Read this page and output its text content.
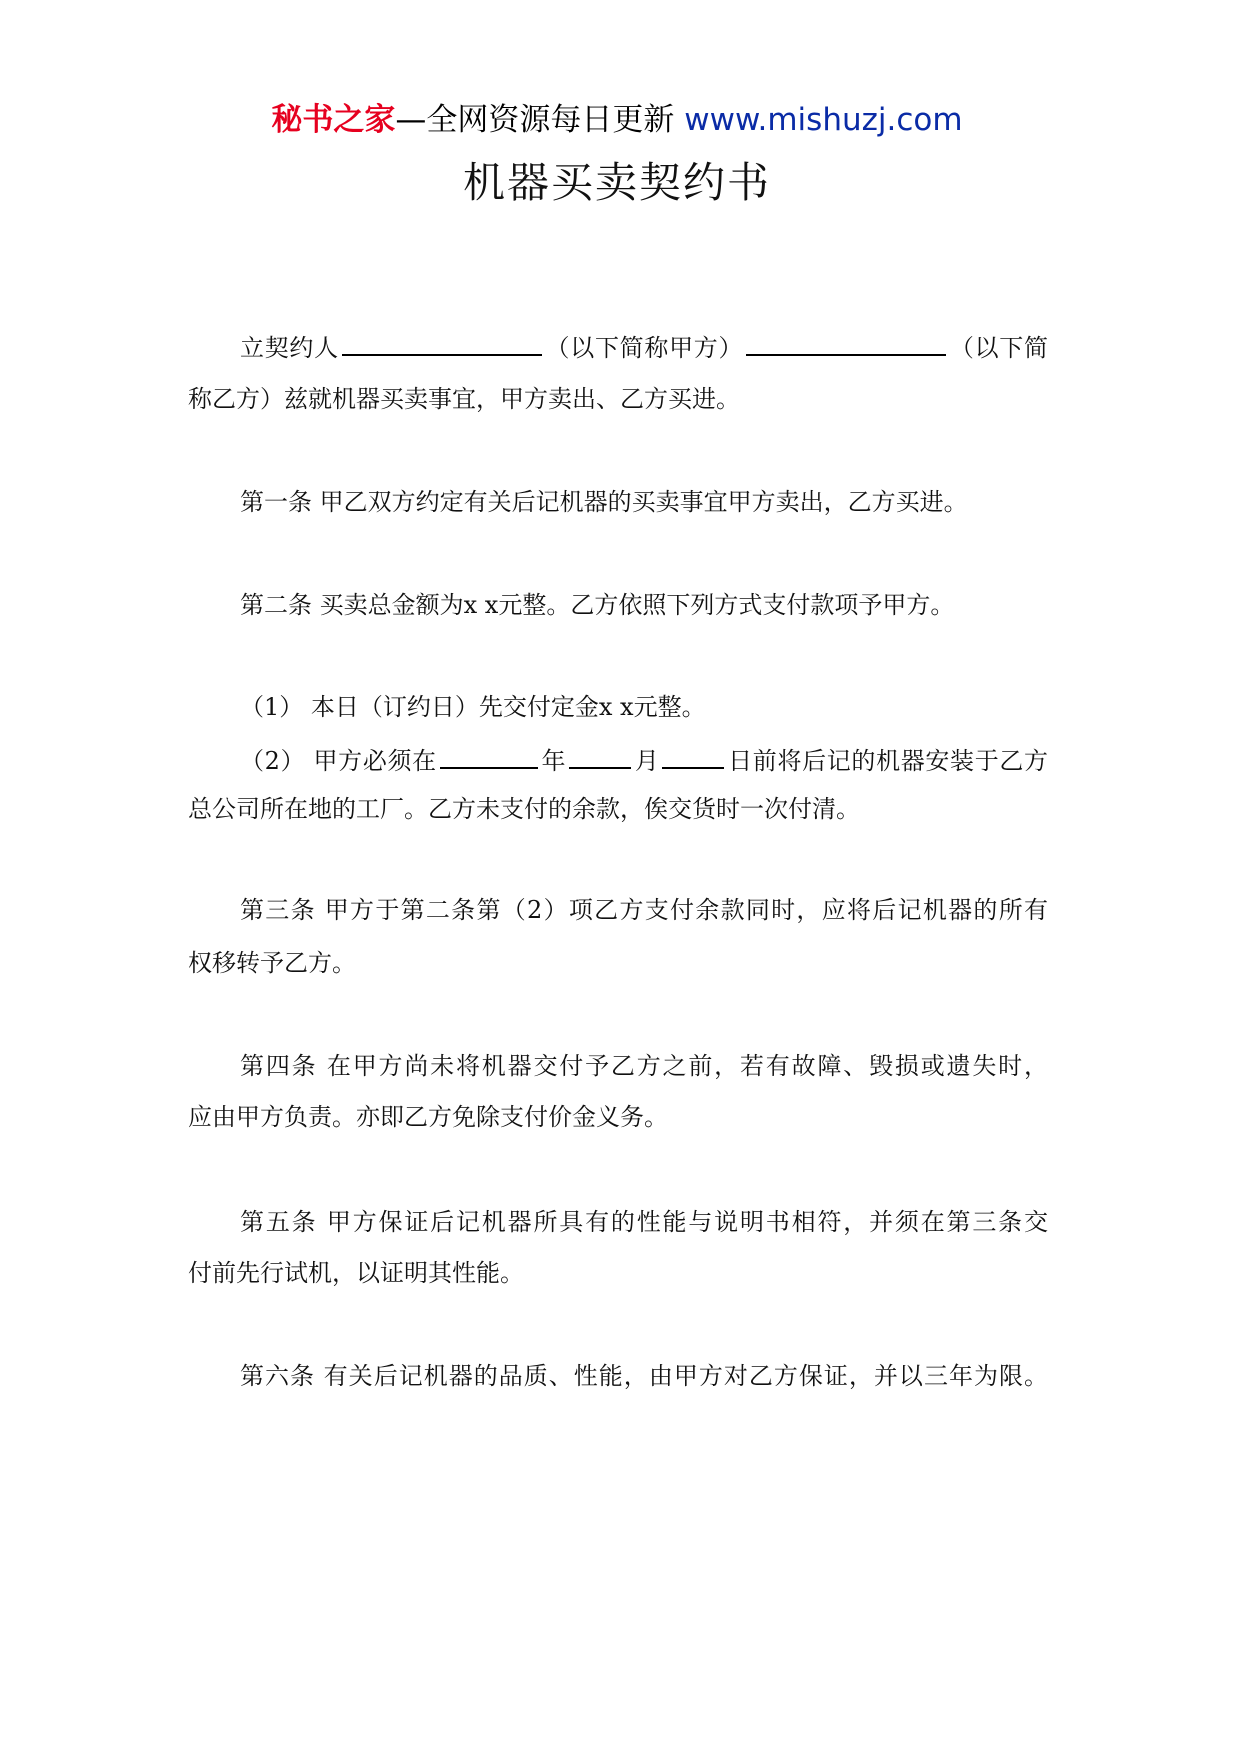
秘书之家—全网资源每日更新 www.mishuzj.com
机器买卖契约书
立契约人	（以下简称甲方）	（以下简
称乙方）兹就机器买卖事宜，甲方卖出、乙方买进。
第一条 甲乙双方约定有关后记机器的买卖事宜甲方卖出，乙方买进。
第二条 买卖总金额为x x元整。乙方依照下列方式支付款项予甲方。
（1） 本日（订约日）先交付定金x x元整。
（2） 甲方必须在	年	月	日前将后记的机器安装于乙方
总公司所在地的工厂。乙方未支付的余款，俟交货时一次付清。
第三条 甲方于第二条第（2）项乙方支付余款同时，应将后记机器的所有
权移转予乙方。
第四条 在甲方尚未将机器交付予乙方之前，若有故障、毁损或遗失时，
应由甲方负责。亦即乙方免除支付价金义务。
第五条 甲方保证后记机器所具有的性能与说明书相符，并须在第三条交
付前先行试机，以证明其性能。
第六条 有关后记机器的品质、性能，由甲方对乙方保证，并以三年为限。
